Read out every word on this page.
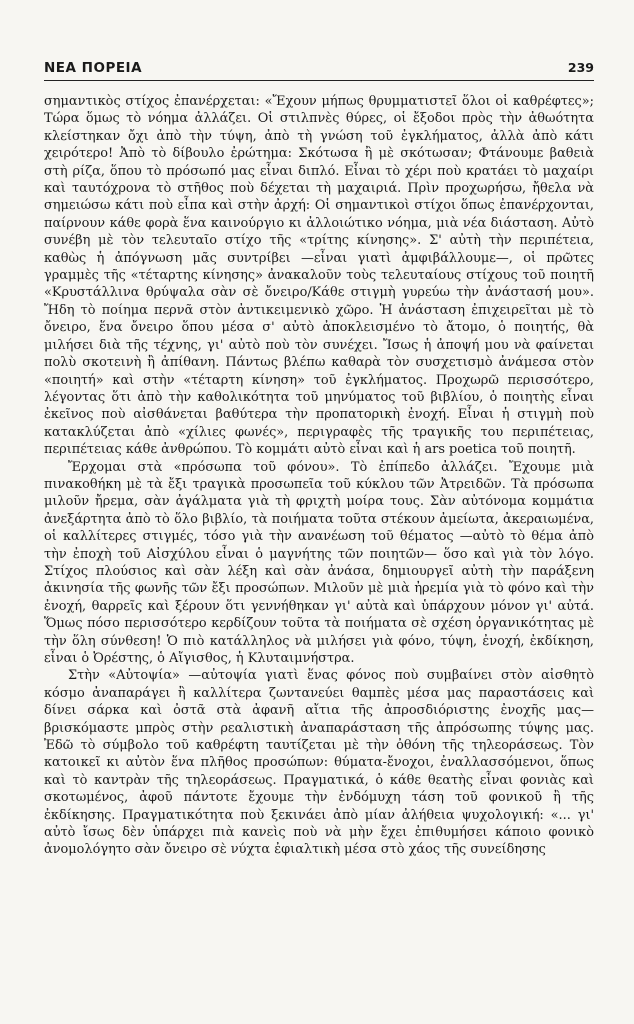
ΝΕΑ ΠΟΡΕΙΑ	239

σημαντικὸς στίχος ἐπανέρχεται: «Ἔχουν μήπως θρυμματιστεῖ ὅλοι οἱ καθρέφτες»; Τώρα ὅμως τὸ νόημα ἀλλάζει. Οἱ στιλπνὲς θύρες, οἱ ἔξοδοι πρὸς τὴν ἀθωότητα κλείστηκαν ὄχι ἀπὸ τὴν τύψη, ἀπὸ τὴ γνώση τοῦ ἐγκλήματος, ἀλλὰ ἀπὸ κάτι χειρότερο! Ἀπὸ τὸ δίβουλο ἐρώτημα: Σκότωσα ἢ μὲ σκότωσαν; Φτάνουμε βαθειὰ στὴ ρίζα, ὅπου τὸ πρόσωπό μας εἶναι διπλό. Εἶναι τὸ χέρι ποὺ κρατάει τὸ μαχαίρι καὶ ταυτόχρονα τὸ στῆθος ποὺ δέχεται τὴ μαχαιριά. Πρὶν προχωρήσω, ἤθελα νὰ σημειώσω κάτι ποὺ εἶπα καὶ στὴν ἀρχή: Οἱ σημαντικοὶ στίχοι ὅπως ἐπανέρχονται, παίρνουν κάθε φορὰ ἕνα καινούργιο κι ἀλλοιώτικο νόημα, μιὰ νέα διάσταση. Αὐτὸ συνέβη μὲ τὸν τελευταῖο στίχο τῆς «τρίτης κίνησης». Σ' αὐτὴ τὴν περιπέτεια, καθὼς ἡ ἀπόγνωση μᾶς συντρίβει —εἶναι γιατὶ ἀμφιβάλλουμε—, οἱ πρῶτες γραμμὲς τῆς «τέταρτης κίνησης» ἀνακαλοῦν τοὺς τελευταίους στίχους τοῦ ποιητῆ «Κρυστάλλινα θρύψαλα σὰν σὲ ὄνειρο/Κάθε στιγμὴ γυρεύω τὴν ἀνάστασή μου». Ἤδη τὸ ποίημα περνᾶ στὸν ἀντικειμενικὸ χῶρο. Ἡ ἀνάσταση ἐπιχειρεῖται μὲ τὸ ὄνειρο, ἕνα ὄνειρο ὅπου μέσα σ' αὐτὸ ἀποκλεισμένο τὸ ἄτομο, ὁ ποιητής, θὰ μιλήσει διὰ τῆς τέχνης, γι' αὐτὸ ποὺ τὸν συνέχει. Ἴσως ἡ ἀποψή μου νὰ φαίνεται πολὺ σκοτεινὴ ἢ ἀπίθανη. Πάντως βλέπω καθαρὰ τὸν συσχετισμὸ ἀνάμεσα στὸν «ποιητή» καὶ στὴν «τέταρτη κίνηση» τοῦ ἐγκλήματος. Προχωρῶ περισσότερο, λέγοντας ὅτι ἀπὸ τὴν καθολικότητα τοῦ μηνύματος τοῦ βιβλίου, ὁ ποιητὴς εἶναι ἐκεῖνος ποὺ αἰσθάνεται βαθύτερα τὴν προπατορικὴ ἐνοχή. Εἶναι ἡ στιγμὴ ποὺ κατακλύζεται ἀπὸ «χίλιες φωνές», περιγραφὲς τῆς τραγικῆς του περιπέτειας, περιπέτειας κάθε ἀνθρώπου. Τὸ κομμάτι αὐτὸ εἶναι καὶ ἡ ars poetica τοῦ ποιητῆ.

Ἔρχομαι στὰ «πρόσωπα τοῦ φόνου». Τὸ ἐπίπεδο ἀλλάζει. Ἔχουμε μιὰ πινακοθήκη μὲ τὰ ἔξι τραγικὰ προσωπεῖα τοῦ κύκλου τῶν Ἀτρειδῶν. Τὰ πρόσωπα μιλοῦν ἤρεμα, σὰν ἀγάλματα γιὰ τὴ φριχτὴ μοίρα τους. Σὰν αὐτόνομα κομμάτια ἀνεξάρτητα ἀπὸ τὸ ὅλο βιβλίο, τὰ ποιήματα τοῦτα στέκουν ἀμείωτα, ἀκεραιωμένα, οἱ καλλίτερες στιγμές, τόσο γιὰ τὴν ανανέωση τοῦ θέματος —αὐτὸ τὸ θέμα ἀπὸ τὴν ἐποχὴ τοῦ Αἰσχύλου εἶναι ὁ μαγνήτης τῶν ποιητῶν— ὅσο καὶ γιὰ τὸν λόγο. Στίχος πλούσιος καὶ σὰν λέξη καὶ σὰν ἀνάσα, δημιουργεῖ αὐτὴ τὴν παράξενη ἀκινησία τῆς φωνῆς τῶν ἔξι προσώπων. Μιλοῦν μὲ μιὰ ἠρεμία γιὰ τὸ φόνο καὶ τὴν ἐνοχή, θαρρεῖς καὶ ξέρουν ὅτι γεννήθηκαν γι' αὐτὰ καὶ ὑπάρχουν μόνον γι' αὐτά. Ὅμως πόσο περισσότερο κερδίζουν τοῦτα τὰ ποιήματα σὲ σχέση ὀργανικότητας μὲ τὴν ὅλη σύνθεση! Ὁ πιὸ κατάλληλος νὰ μιλήσει γιὰ φόνο, τύψη, ἐνοχή, ἐκδίκηση, εἶναι ὁ Ὀρέστης, ὁ Αἴγισθος, ἡ Κλυταιμνήστρα.

Στὴν «Αὐτοψία» —αὐτοψία γιατὶ ἕνας φόνος ποὺ συμβαίνει στὸν αἰσθητὸ κόσμο ἀναπαράγει ἢ καλλίτερα ζωντανεύει θαμπὲς μέσα μας παραστάσεις καὶ δίνει σάρκα καὶ ὀστᾶ στὰ ἀφανῆ αἴτια τῆς ἀπροσδιόριστης ἐνοχῆς μας— βρισκόμαστε μπρὸς στὴν ρεαλιστικὴ ἀναπαράσταση τῆς ἀπρόσωπης τύψης μας. Ἐδῶ τὸ σύμβολο τοῦ καθρέφτη ταυτίζεται μὲ τὴν ὀθόνη τῆς τηλεοράσεως. Τὸν κατοικεῖ κι αὐτὸν ἕνα πλῆθος προσώπων: θύματα-ἔνοχοι, ἐναλλασσόμενοι, ὅπως καὶ τὸ καντρὰν τῆς τηλεοράσεως. Πραγματικά, ὁ κάθε θεατὴς εἶναι φονιὰς καὶ σκοτωμένος, ἀφοῦ πάντοτε ἔχουμε τὴν ἐνδόμυχη τάση τοῦ φονικοῦ ἢ τῆς ἐκδίκησης. Πραγματικότητα ποὺ ξεκινάει ἀπὸ μίαν ἀλήθεια ψυχολογική: «... γι' αὐτὸ ἴσως δὲν ὑπάρχει πιὰ κανεὶς ποὺ νὰ μὴν ἔχει ἐπιθυμήσει κάποιο φονικὸ ἀνομολόγητο σὰν ὄνειρο σὲ νύχτα ἐφιαλτικὴ μέσα στὸ χάος τῆς συνείδησης
